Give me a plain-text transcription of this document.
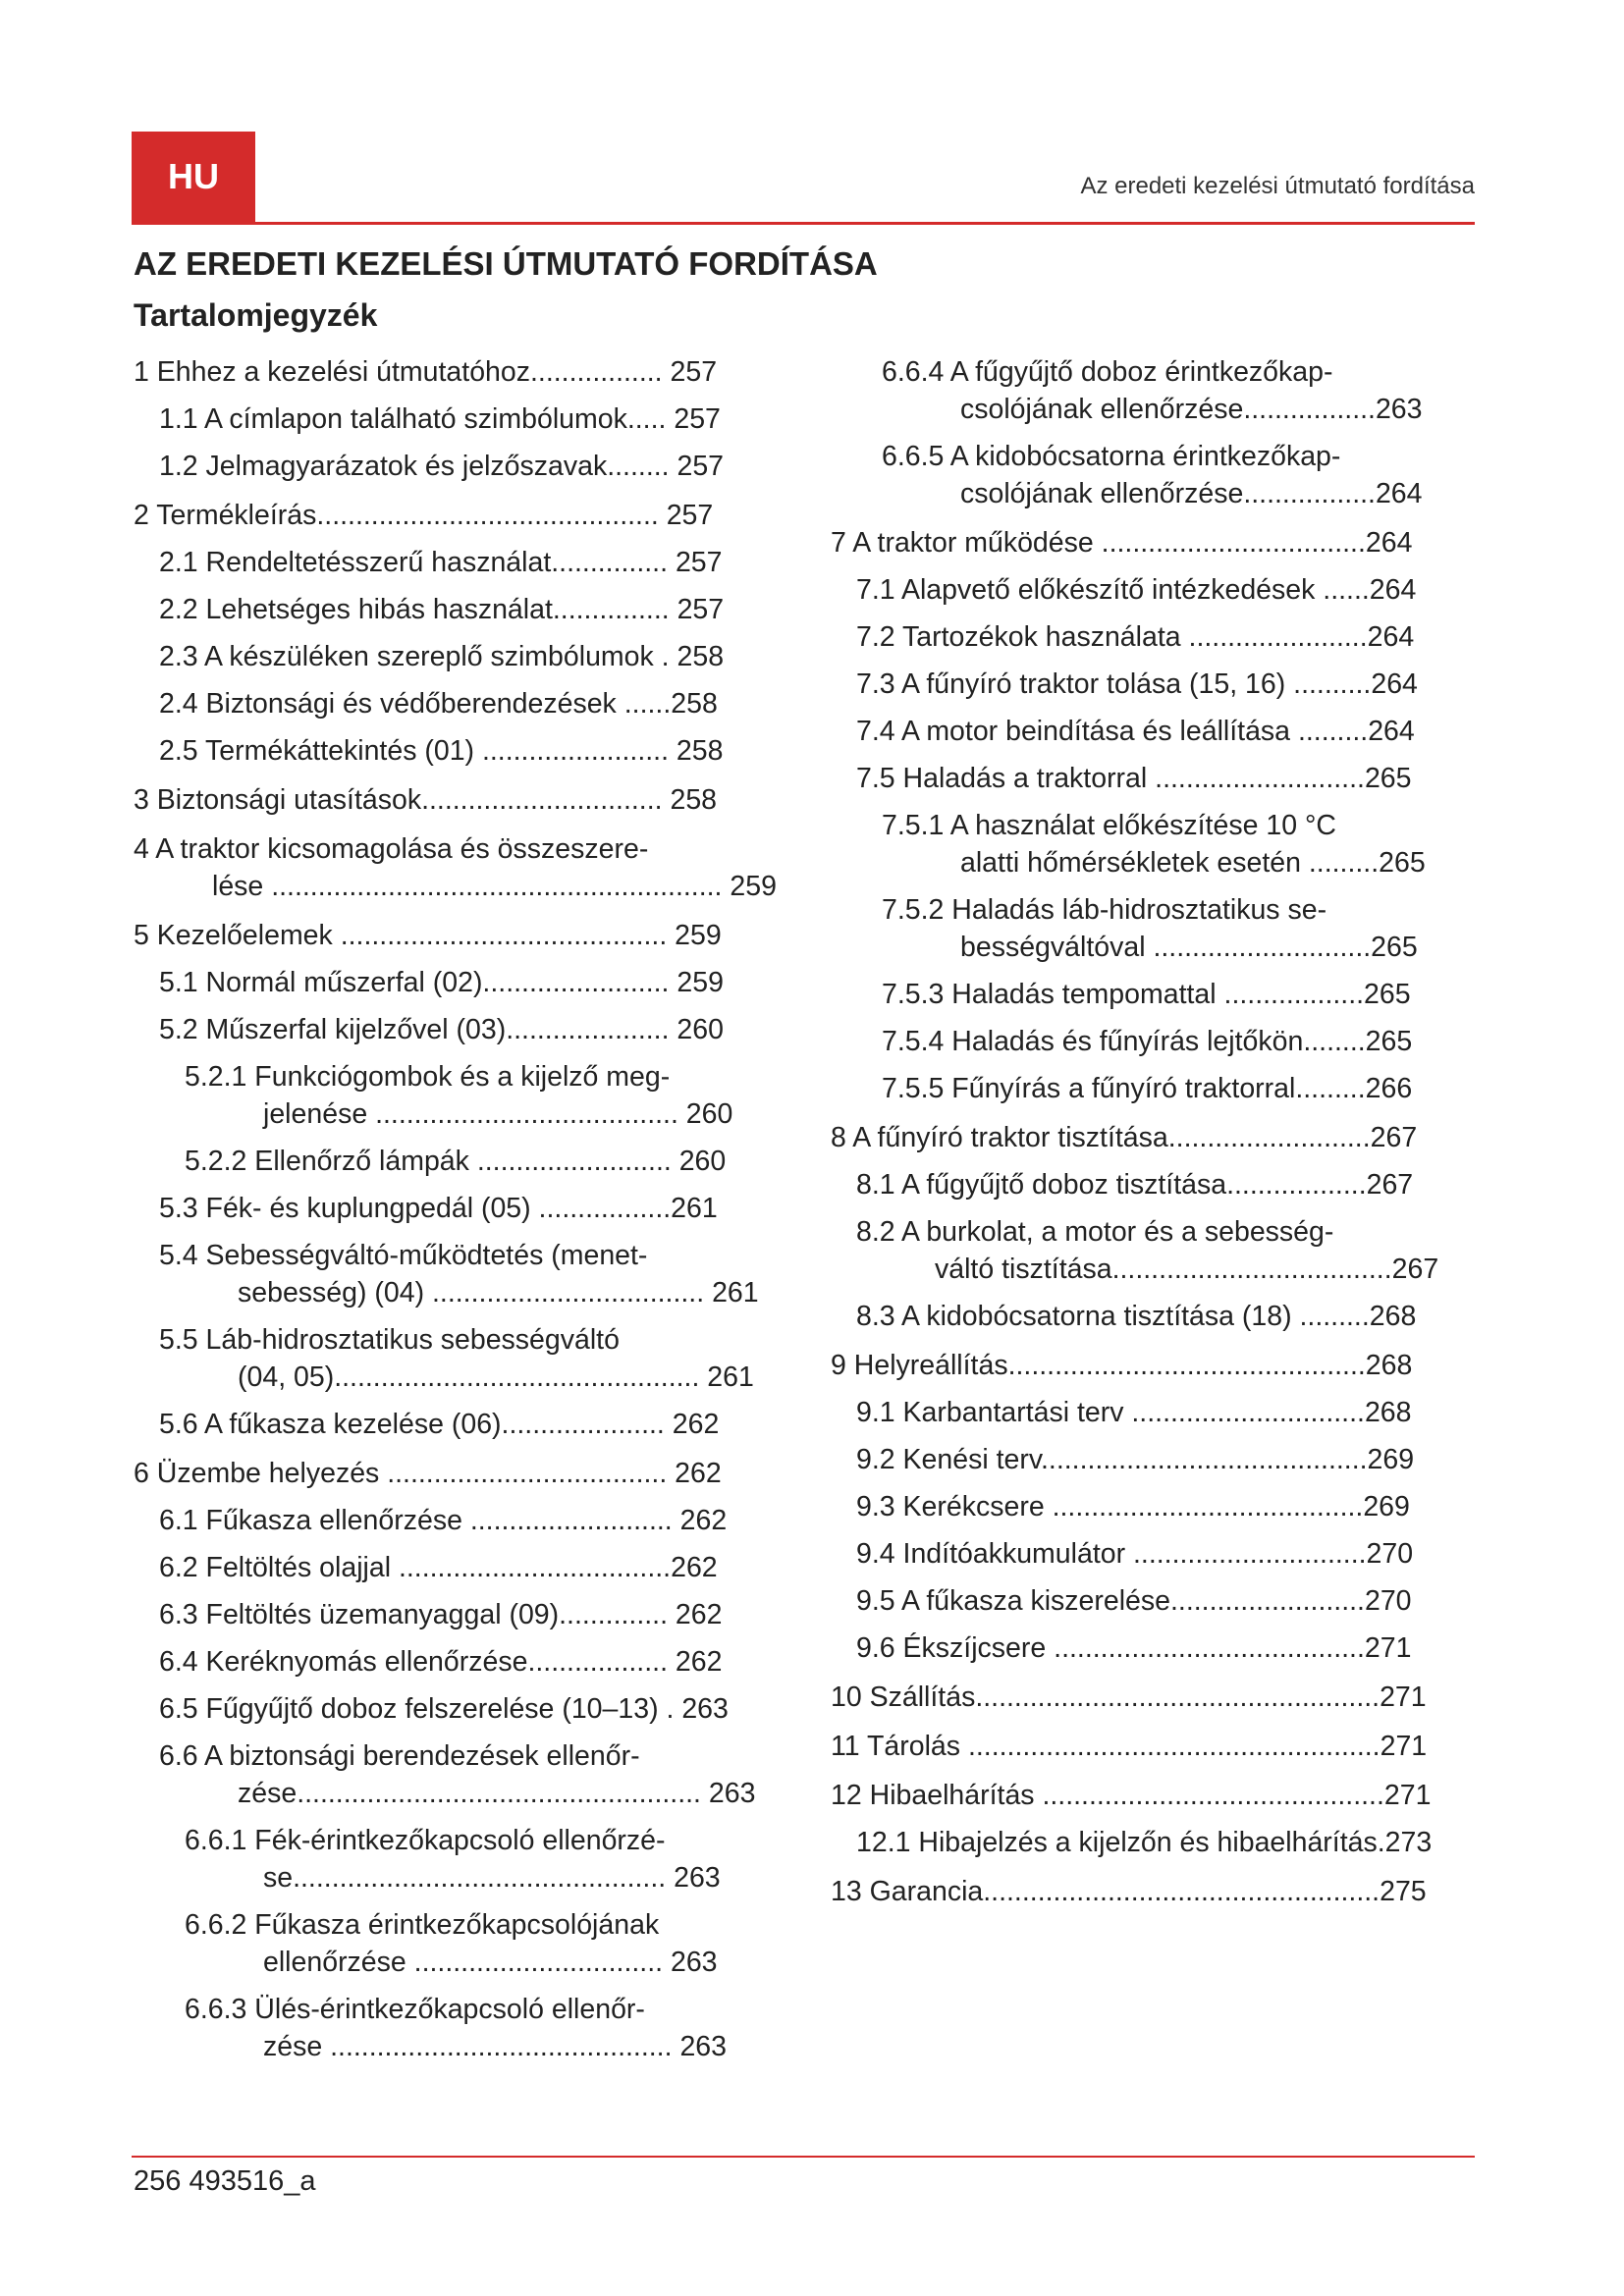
HU	Az eredeti kezelési útmutató fordítása
AZ EREDETI KEZELÉSI ÚTMUTATÓ FORDÍTÁSA
Tartalomjegyzék
1 Ehhez a kezelési útmutatóhoz................. 257
1.1 A címlapon található szimbólumok..... 257
1.2 Jelmagyarázatok és jelzőszavak........ 257
2 Termékleírás............................................ 257
2.1 Rendeltetésszerű használat............... 257
2.2 Lehetséges hibás használat............... 257
2.3 A készüléken szereplő szimbólumok . 258
2.4 Biztonsági és védőberendezések ......258
2.5 Termékáttekintés (01) ........................ 258
3 Biztonsági utasítások............................... 258
4 A traktor kicsomagolása és összeszere-
lése .......................................................... 259
5 Kezelőelemek .......................................... 259
5.1 Normál műszerfal (02)........................ 259
5.2 Műszerfal kijelzővel (03)..................... 260
5.2.1 Funkciógombok és a kijelző meg-
jelenése ....................................... 260
5.2.2 Ellenőrző lámpák ......................... 260
5.3 Fék- és kuplungpedál (05) .................261
5.4 Sebességváltó-működtetés (menet-
sebesség) (04) ................................... 261
5.5 Láb-hidrosztatikus sebességváltó
(04, 05)............................................... 261
5.6 A fűkasza kezelése (06)..................... 262
6 Üzembe helyezés .................................... 262
6.1 Fűkasza ellenőrzése .......................... 262
6.2 Feltöltés olajjal ...................................262
6.3 Feltöltés üzemanyaggal (09).............. 262
6.4 Keréknyomás ellenőrzése.................. 262
6.5 Fűgyűjtő doboz felszerelése (10–13) . 263
6.6 A biztonsági berendezések ellenőr-
zése.................................................... 263
6.6.1 Fék-érintkezőkapcsoló ellenőrzé-
se................................................ 263
6.6.2 Fűkasza érintkezőkapcsolójának
ellenőrzése ................................ 263
6.6.3 Ülés-érintkezőkapcsoló ellenőr-
zése ............................................ 263
6.6.4 A fűgyűjtő doboz érintkezőkap-
csolójának ellenőrzése.................263
6.6.5 A kidobócsatorna érintkezőkap-
csolójának ellenőrzése.................264
7 A traktor működése ..................................264
7.1 Alapvető előkészítő intézkedések ......264
7.2 Tartozékok használata .......................264
7.3 A fűnyíró traktor tolása (15, 16) ..........264
7.4 A motor beindítása és leállítása .........264
7.5 Haladás a traktorral ...........................265
7.5.1 A használat előkészítése 10 °C
alatti hőmérsékletek esetén .........265
7.5.2 Haladás láb-hidrosztatikus se-
bességváltóval ............................265
7.5.3 Haladás tempomattal ..................265
7.5.4 Haladás és fűnyírás lejtőkön........265
7.5.5 Fűnyírás a fűnyíró traktorral.........266
8 A fűnyíró traktor tisztítása..........................267
8.1 A fűgyűjtő doboz tisztítása..................267
8.2 A burkolat, a motor és a sebesség-
váltó tisztítása....................................267
8.3 A kidobócsatorna tisztítása (18) .........268
9 Helyreállítás..............................................268
9.1 Karbantartási terv ..............................268
9.2 Kenési terv..........................................269
9.3 Kerékcsere ........................................269
9.4 Indítóakkumulátor ..............................270
9.5 A fűkasza kiszerelése.........................270
9.6 Ékszíjcsere ........................................271
10 Szállítás....................................................271
11 Tárolás .....................................................271
12 Hibaelhárítás ............................................271
12.1 Hibajelzés a kijelzőn és hibaelhárítás.273
13 Garancia...................................................275
256 493516_a
